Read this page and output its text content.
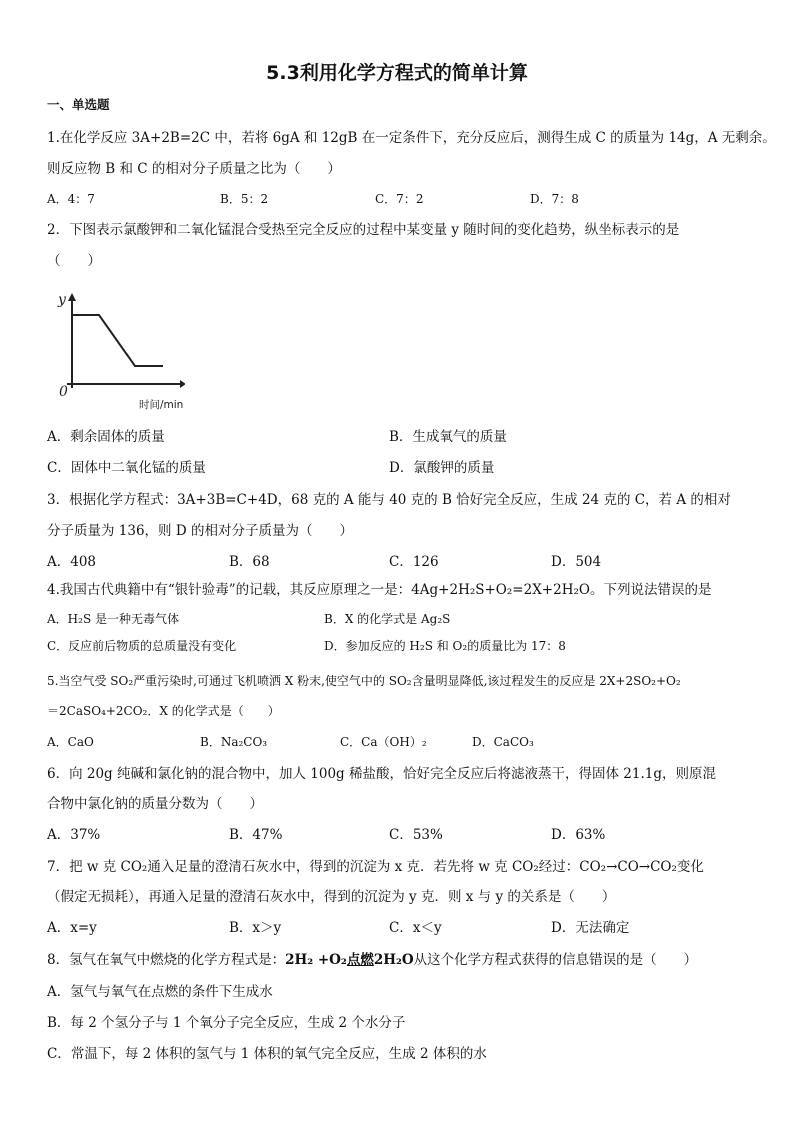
5.3利用化学方程式的简单计算
一、单选题
1.在化学反应 3A+2B=2C 中，若将 6gA 和 12gB 在一定条件下，充分反应后，测得生成 C 的质量为 14g，A 无剩余。
则反应物 B 和 C 的相对分子质量之比为（　　）
A．4：7	B．5：2	C．7：2	D．7：8
2．下图表示氯酸钾和二氧化锰混合受热至完全反应的过程中某变量 y 随时间的变化趋势，纵坐标表示的是
（　　）
y
0
时间/min
A．剩余固体的质量	B．生成氧气的质量
C．固体中二氧化锰的质量	D．氯酸钾的质量
3．根据化学方程式：3A+3B=C+4D，68 克的 A 能与 40 克的 B 恰好完全反应，生成 24 克的 C，若 A 的相对
分子质量为 136，则 D 的相对分子质量为（　　）
A．408	B．68	C．126	D．504
4.我国古代典籍中有“银针验毒”的记载，其反应原理之一是：4Ag+2H₂S+O₂=2X+2H₂O。下列说法错误的是
A．H₂S 是一种无毒气体	B．X 的化学式是 Ag₂S
C．反应前后物质的总质量没有变化	D．参加反应的 H₂S 和 O₂的质量比为 17：8
5.当空气受 SO₂严重污染时,可通过飞机喷洒 X 粉末,使空气中的 SO₂含量明显降低,该过程发生的反应是 2X+2SO₂+O₂
＝2CaSO₄+2CO₂．X 的化学式是（　　）
A．CaO	B．Na₂CO₃	C．Ca（OH）₂	D．CaCO₃
6．向 20g 纯碱和氯化钠的混合物中，加人 100g 稀盐酸，恰好完全反应后将滤液蒸干，得固体 21.1g，则原混
合物中氯化钠的质量分数为（　　）
A．37%	B．47%	C．53%	D．63%
7．把 w 克 CO₂通入足量的澄清石灰水中，得到的沉淀为 x 克．若先将 w 克 CO₂经过：CO₂→CO→CO₂变化
（假定无损耗），再通入足量的澄清石灰水中，得到的沉淀为 y 克．则 x 与 y 的关系是（　　）
A．x=y	B．x＞y	C．x＜y	D．无法确定
8．氢气在氧气中燃烧的化学方程式是：2H₂ +O₂点燃2H₂O从这个化学方程式获得的信息错误的是（　　）
A．氢气与氧气在点燃的条件下生成水
B．每 2 个氢分子与 1 个氧分子完全反应，生成 2 个水分子
C．常温下，每 2 体积的氢气与 1 体积的氧气完全反应，生成 2 体积的水
